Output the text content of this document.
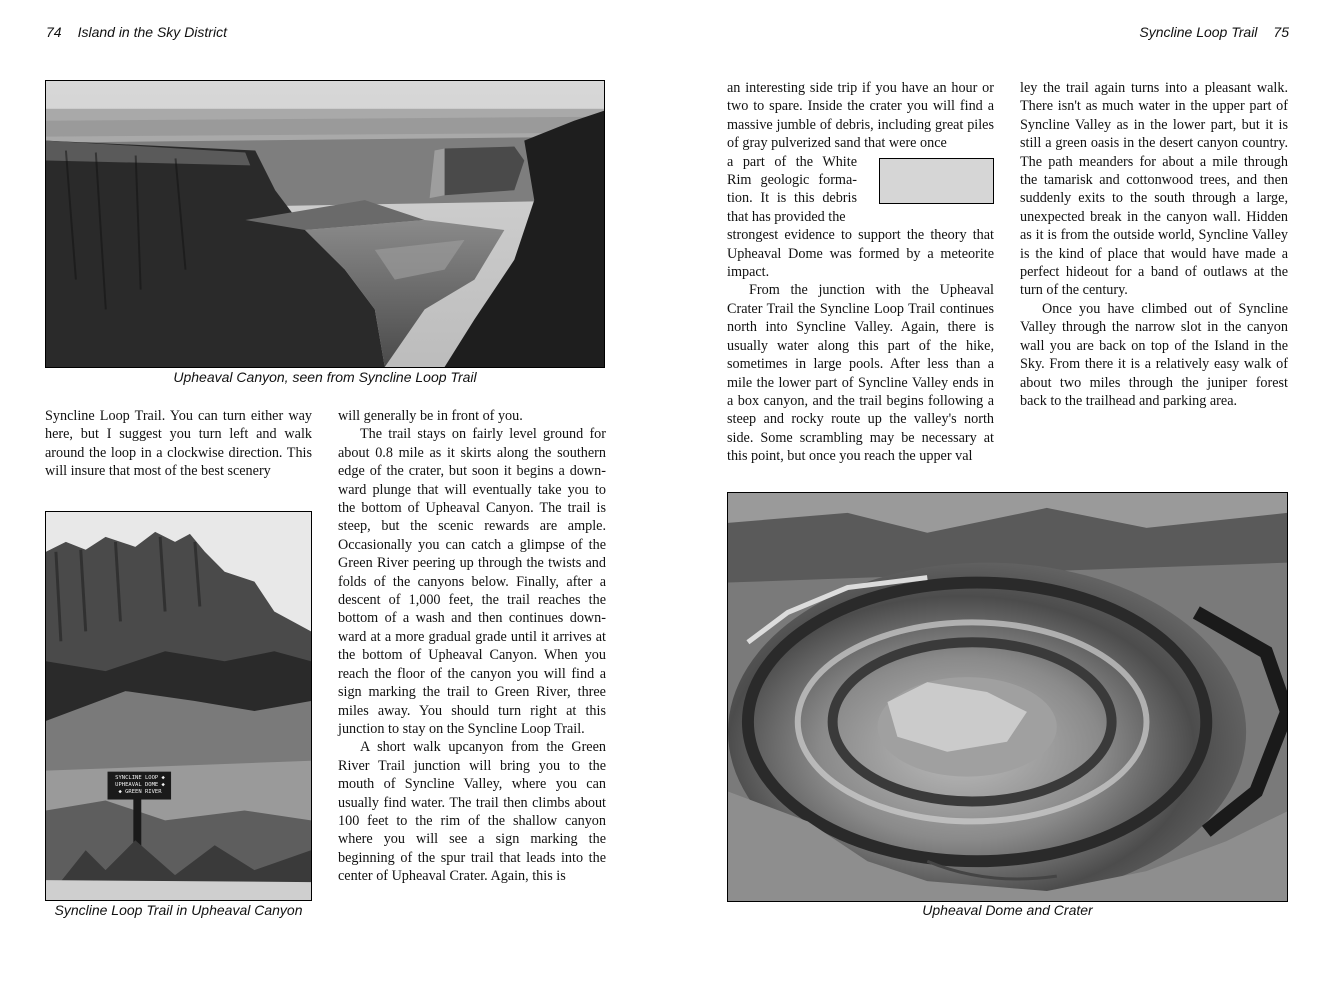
74 Island in the Sky District
Upheaval Canyon, seen from Syncline Loop Trail

Syncline Loop Trail. You can turn either way here, but I suggest you turn left and walk around the loop in a clockwise direction. This will insure that most of the best scenery

SYNCLINE LOOP ◆
UPHEAVAL DOME ◆
◆ GREEN RIVER
Syncline Loop Trail in Upheaval Canyon

will generally be in front of you.

The trail stays on fairly level ground for about 0.8 mile as it skirts along the southern edge of the crater, but soon it begins a downward plunge that will eventually take you to the bottom of Upheaval Canyon. The trail is steep, but the scenic rewards are ample. Occasionally you can catch a glimpse of the Green River peering up through the twists and folds of the canyons below. Finally, after a descent of 1,000 feet, the trail reaches the bottom of a wash and then continues downward at a more gradual grade until it arrives at the bottom of Upheaval Canyon. When you reach the floor of the canyon you will find a sign marking the trail to Green River, three miles away. You should turn right at this junction to stay on the Syncline Loop Trail.

A short walk upcanyon from the Green River Trail junction will bring you to the mouth of Syncline Valley, where you can usually find water. The trail then climbs about 100 feet to the rim of the shallow canyon where you will see a sign marking the beginning of the spur trail that leads into the center of Upheaval Crater. Again, this is

Syncline Loop Trail 75

an interesting side trip if you have an hour or two to spare. Inside the crater you will find a massive jumble of debris, including great piles of gray pulverized sand that were once

a part of the White Rim geologic formation. It is this debris that has provided the

strongest evidence to support the theory that Upheaval Dome was formed by a meteorite impact.

From the junction with the Upheaval Crater Trail the Syncline Loop Trail continues north into Syncline Valley. Again, there is usually water along this part of the hike, sometimes in large pools. After less than a mile the lower part of Syncline Valley ends in a box canyon, and the trail begins following a steep and rocky route up the valley's north side. Some scrambling may be necessary at this point, but once you reach the upper val

ley the trail again turns into a pleasant walk. There isn't as much water in the upper part of Syncline Valley as in the lower part, but it is still a green oasis in the desert canyon country. The path meanders for about a mile through the tamarisk and cottonwood trees, and then suddenly exits to the south through a large, unexpected break in the canyon wall. Hidden as it is from the outside world, Syncline Valley is the kind of place that would have made a perfect hideout for a band of outlaws at the turn of the century.

Once you have climbed out of Syncline Valley through the narrow slot in the canyon wall you are back on top of the Island in the Sky. From there it is a relatively easy walk of about two miles through the juniper forest back to the trailhead and parking area.

Upheaval Dome and Crater
